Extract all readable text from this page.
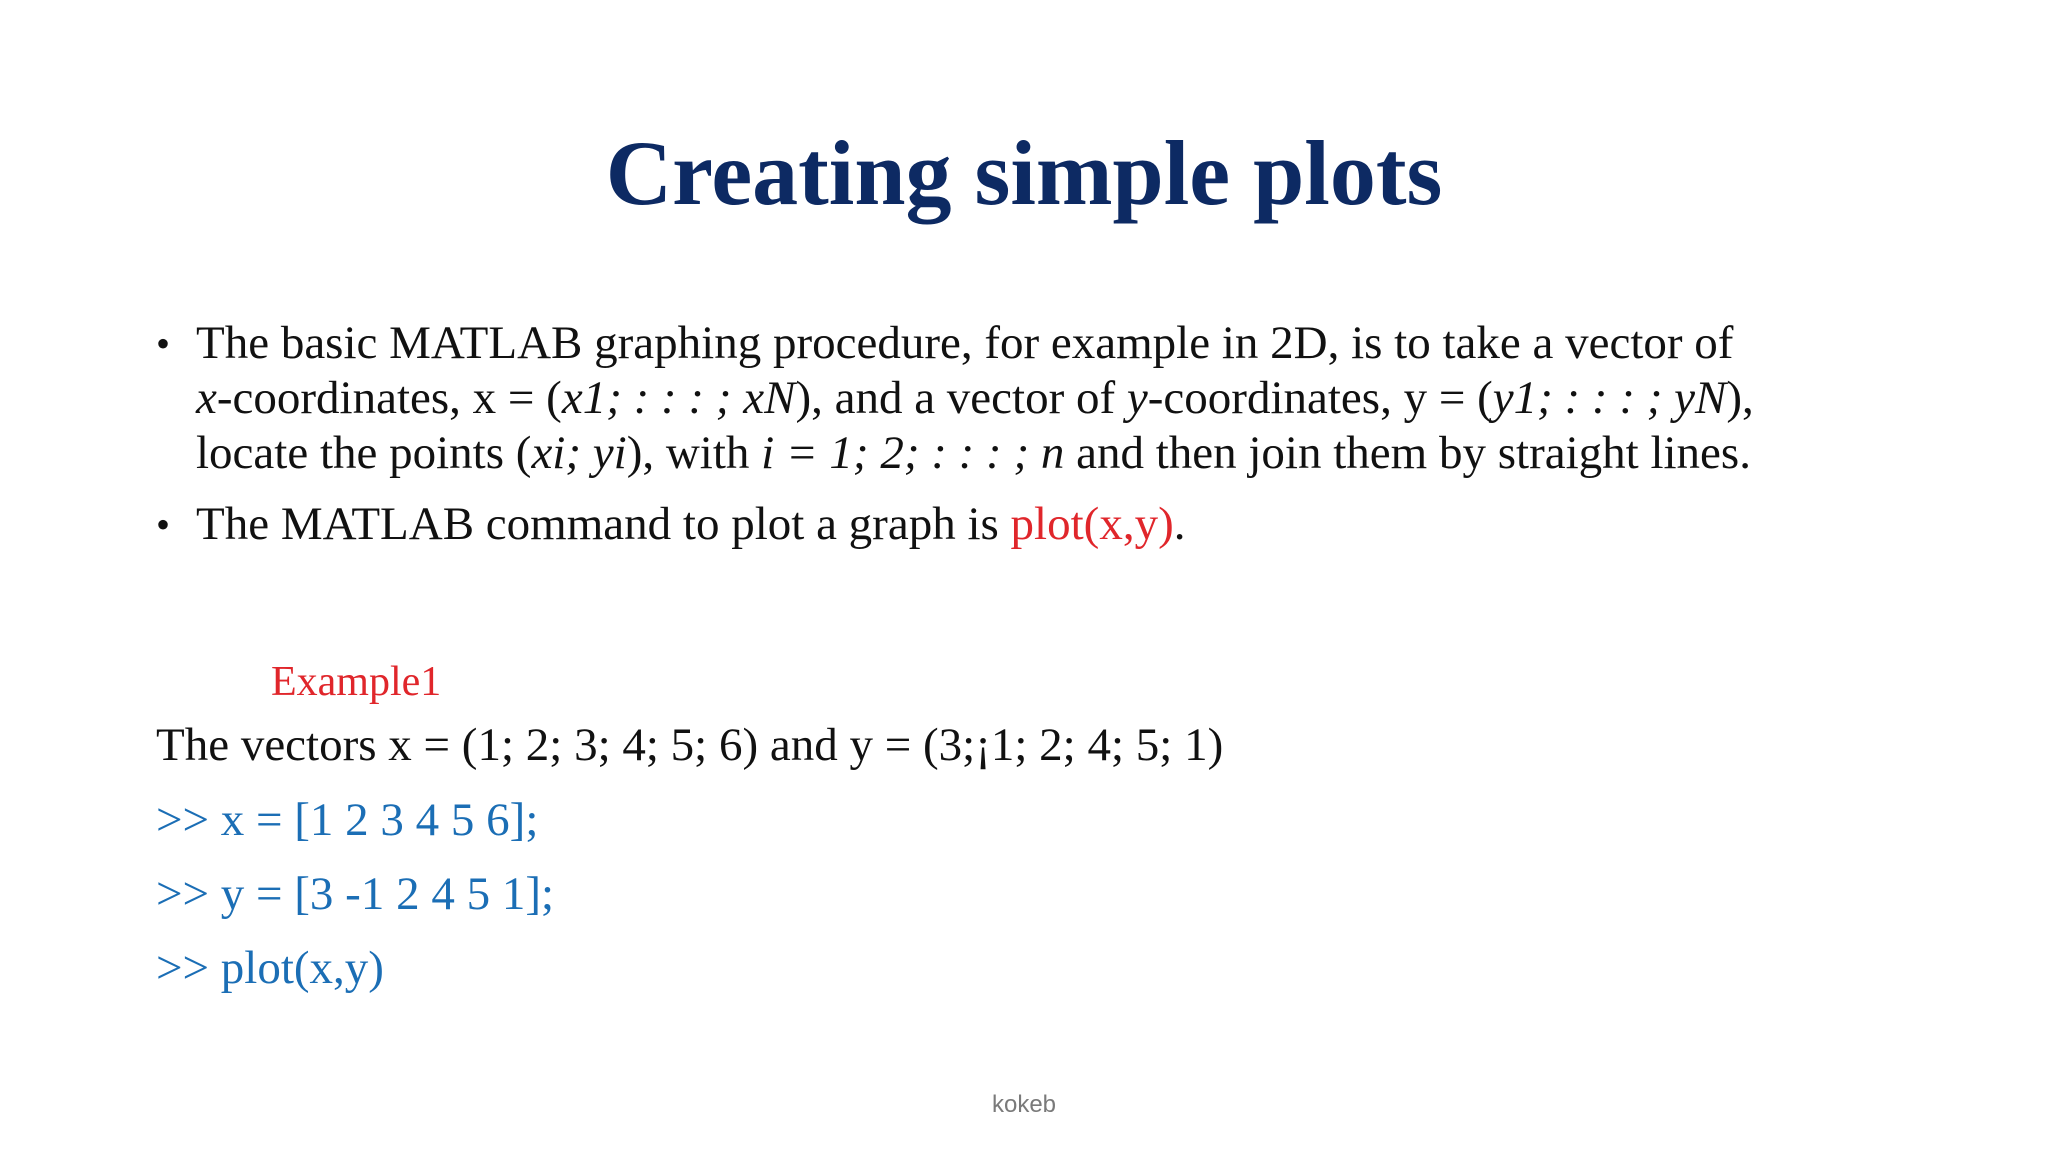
Creating simple plots
• The basic MATLAB graphing procedure, for example in 2D, is to take a vector of
x-coordinates, x = (x1; : : : ; xN), and a vector of y-coordinates, y = (y1; : : : ; yN),
locate the points (xi; yi), with i = 1; 2; : : : ; n and then join them by straight lines.
• The MATLAB command to plot a graph is plot(x,y).
Example1
The vectors x = (1; 2; 3; 4; 5; 6) and y = (3;¡1; 2; 4; 5; 1)
>> x = [1 2 3 4 5 6];
>> y = [3 -1 2 4 5 1];
>> plot(x,y)
kokeb
